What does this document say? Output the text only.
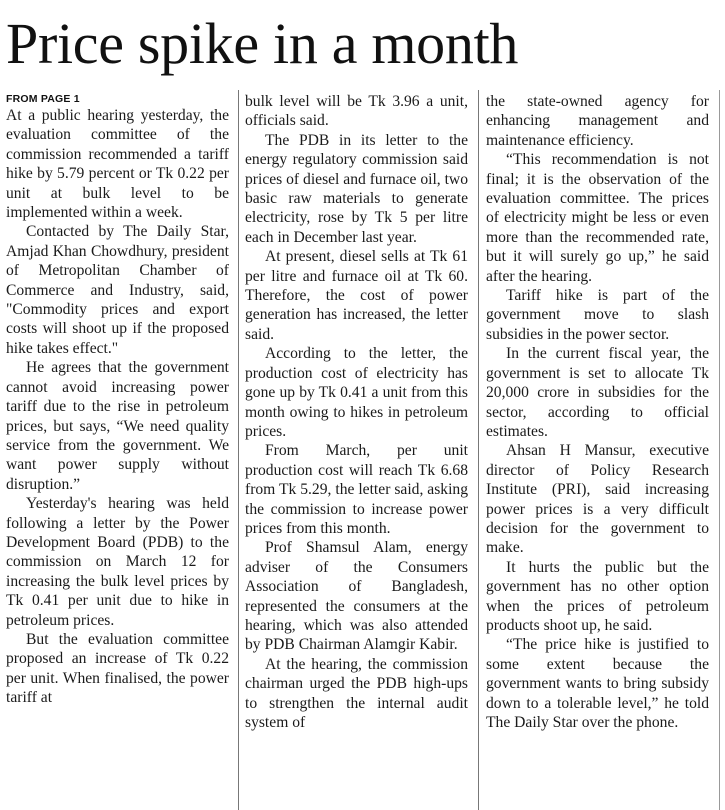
Price spike in a month
FROM PAGE 1

At a public hearing yesterday, the evaluation committee of the commission recommended a tariff hike by 5.79 percent or Tk 0.22 per unit at bulk level to be implemented within a week.

Contacted by The Daily Star, Amjad Khan Chowdhury, president of Metropolitan Chamber of Commerce and Industry, said, "Commodity prices and export costs will shoot up if the proposed hike takes effect."

He agrees that the government cannot avoid increasing power tariff due to the rise in petroleum prices, but says, “We need quality service from the government. We want power supply without disruption.”

Yesterday's hearing was held following a letter by the Power Development Board (PDB) to the commission on March 12 for increasing the bulk level prices by Tk 0.41 per unit due to hike in petroleum prices.

But the evaluation committee proposed an increase of Tk 0.22 per unit. When finalised, the power tariff at

bulk level will be Tk 3.96 a unit, officials said.

The PDB in its letter to the energy regulatory commission said prices of diesel and furnace oil, two basic raw materials to generate electricity, rose by Tk 5 per litre each in December last year.

At present, diesel sells at Tk 61 per litre and furnace oil at Tk 60. Therefore, the cost of power generation has increased, the letter said.

According to the letter, the production cost of electricity has gone up by Tk 0.41 a unit from this month owing to hikes in petroleum prices.

From March, per unit production cost will reach Tk 6.68 from Tk 5.29, the letter said, asking the commission to increase power prices from this month.

Prof Shamsul Alam, energy adviser of the Consumers Association of Bangladesh, represented the consumers at the hearing, which was also attended by PDB Chairman Alamgir Kabir.

At the hearing, the commission chairman urged the PDB high-ups to strengthen the internal audit system of

the state-owned agency for enhancing management and maintenance efficiency.

“This recommendation is not final; it is the observation of the evaluation committee. The prices of electricity might be less or even more than the recommended rate, but it will surely go up,” he said after the hearing.

Tariff hike is part of the government move to slash subsidies in the power sector.

In the current fiscal year, the government is set to allocate Tk 20,000 crore in subsidies for the sector, according to official estimates.

Ahsan H Mansur, executive director of Policy Research Institute (PRI), said increasing power prices is a very difficult decision for the government to make.

It hurts the public but the government has no other option when the prices of petroleum products shoot up, he said.

“The price hike is justified to some extent because the government wants to bring subsidy down to a tolerable level,” he told The Daily Star over the phone.
